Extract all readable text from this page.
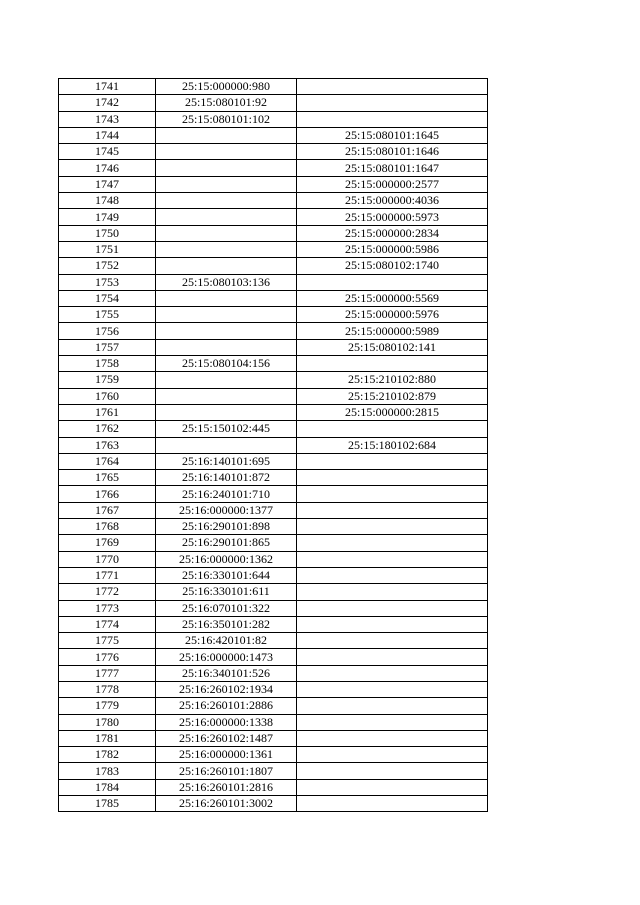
1741	25:15:000000:980	
1742	25:15:080101:92	
1743	25:15:080101:102	
1744		25:15:080101:1645
1745		25:15:080101:1646
1746		25:15:080101:1647
1747		25:15:000000:2577
1748		25:15:000000:4036
1749		25:15:000000:5973
1750		25:15:000000:2834
1751		25:15:000000:5986
1752		25:15:080102:1740
1753	25:15:080103:136	
1754		25:15:000000:5569
1755		25:15:000000:5976
1756		25:15:000000:5989
1757		25:15:080102:141
1758	25:15:080104:156	
1759		25:15:210102:880
1760		25:15:210102:879
1761		25:15:000000:2815
1762	25:15:150102:445	
1763		25:15:180102:684
1764	25:16:140101:695	
1765	25:16:140101:872	
1766	25:16:240101:710	
1767	25:16:000000:1377	
1768	25:16:290101:898	
1769	25:16:290101:865	
1770	25:16:000000:1362	
1771	25:16:330101:644	
1772	25:16:330101:611	
1773	25:16:070101:322	
1774	25:16:350101:282	
1775	25:16:420101:82	
1776	25:16:000000:1473	
1777	25:16:340101:526	
1778	25:16:260102:1934	
1779	25:16:260101:2886	
1780	25:16:000000:1338	
1781	25:16:260102:1487	
1782	25:16:000000:1361	
1783	25:16:260101:1807	
1784	25:16:260101:2816	
1785	25:16:260101:3002	
